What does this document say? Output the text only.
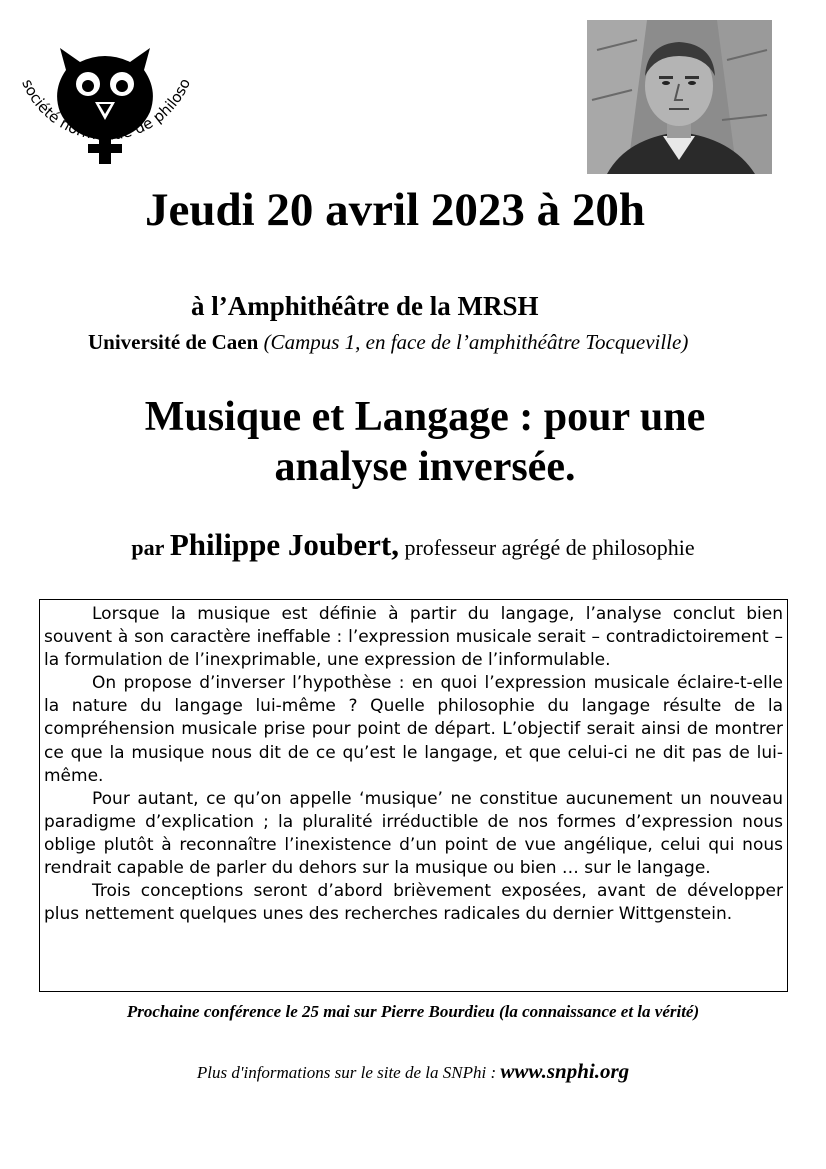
société normande de philoso
Jeudi 20 avril 2023 à 20h
à l’Amphithéâtre de la MRSH
Université de Caen (Campus 1, en face de l’amphithéâtre Tocqueville)
Musique et Langage : pour une
analyse inversée.
par Philippe Joubert, professeur agrégé de philosophie

Lorsque la musique est définie à partir du langage, l’analyse conclut bien souvent à son caractère ineffable : l’expression musicale serait – contradictoirement – la formulation de l’inexprimable, une expression de l’informulable.

On propose d’inverser l’hypothèse : en quoi l’expression musicale éclaire-t-elle la nature du langage lui-même ? Quelle philosophie du langage résulte de la compréhension musicale prise pour point de départ. L’objectif serait ainsi de montrer ce que la musique nous dit de ce qu’est le langage, et que celui-ci ne dit pas de lui-même.

Pour autant, ce qu’on appelle ‘musique’ ne constitue aucunement un nouveau paradigme d’explication ; la pluralité irréductible de nos formes d’expression nous oblige plutôt à reconnaître l’inexistence d’un point de vue angélique, celui qui nous rendrait capable de parler du dehors sur la musique ou bien … sur le langage.

Trois conceptions seront d’abord brièvement exposées, avant de développer plus nettement quelques unes des recherches radicales du dernier Wittgenstein.

Prochaine conférence le 25 mai sur Pierre Bourdieu (la connaissance et la vérité)
Plus d'informations sur le site de la SNPhi : www.snphi.org
